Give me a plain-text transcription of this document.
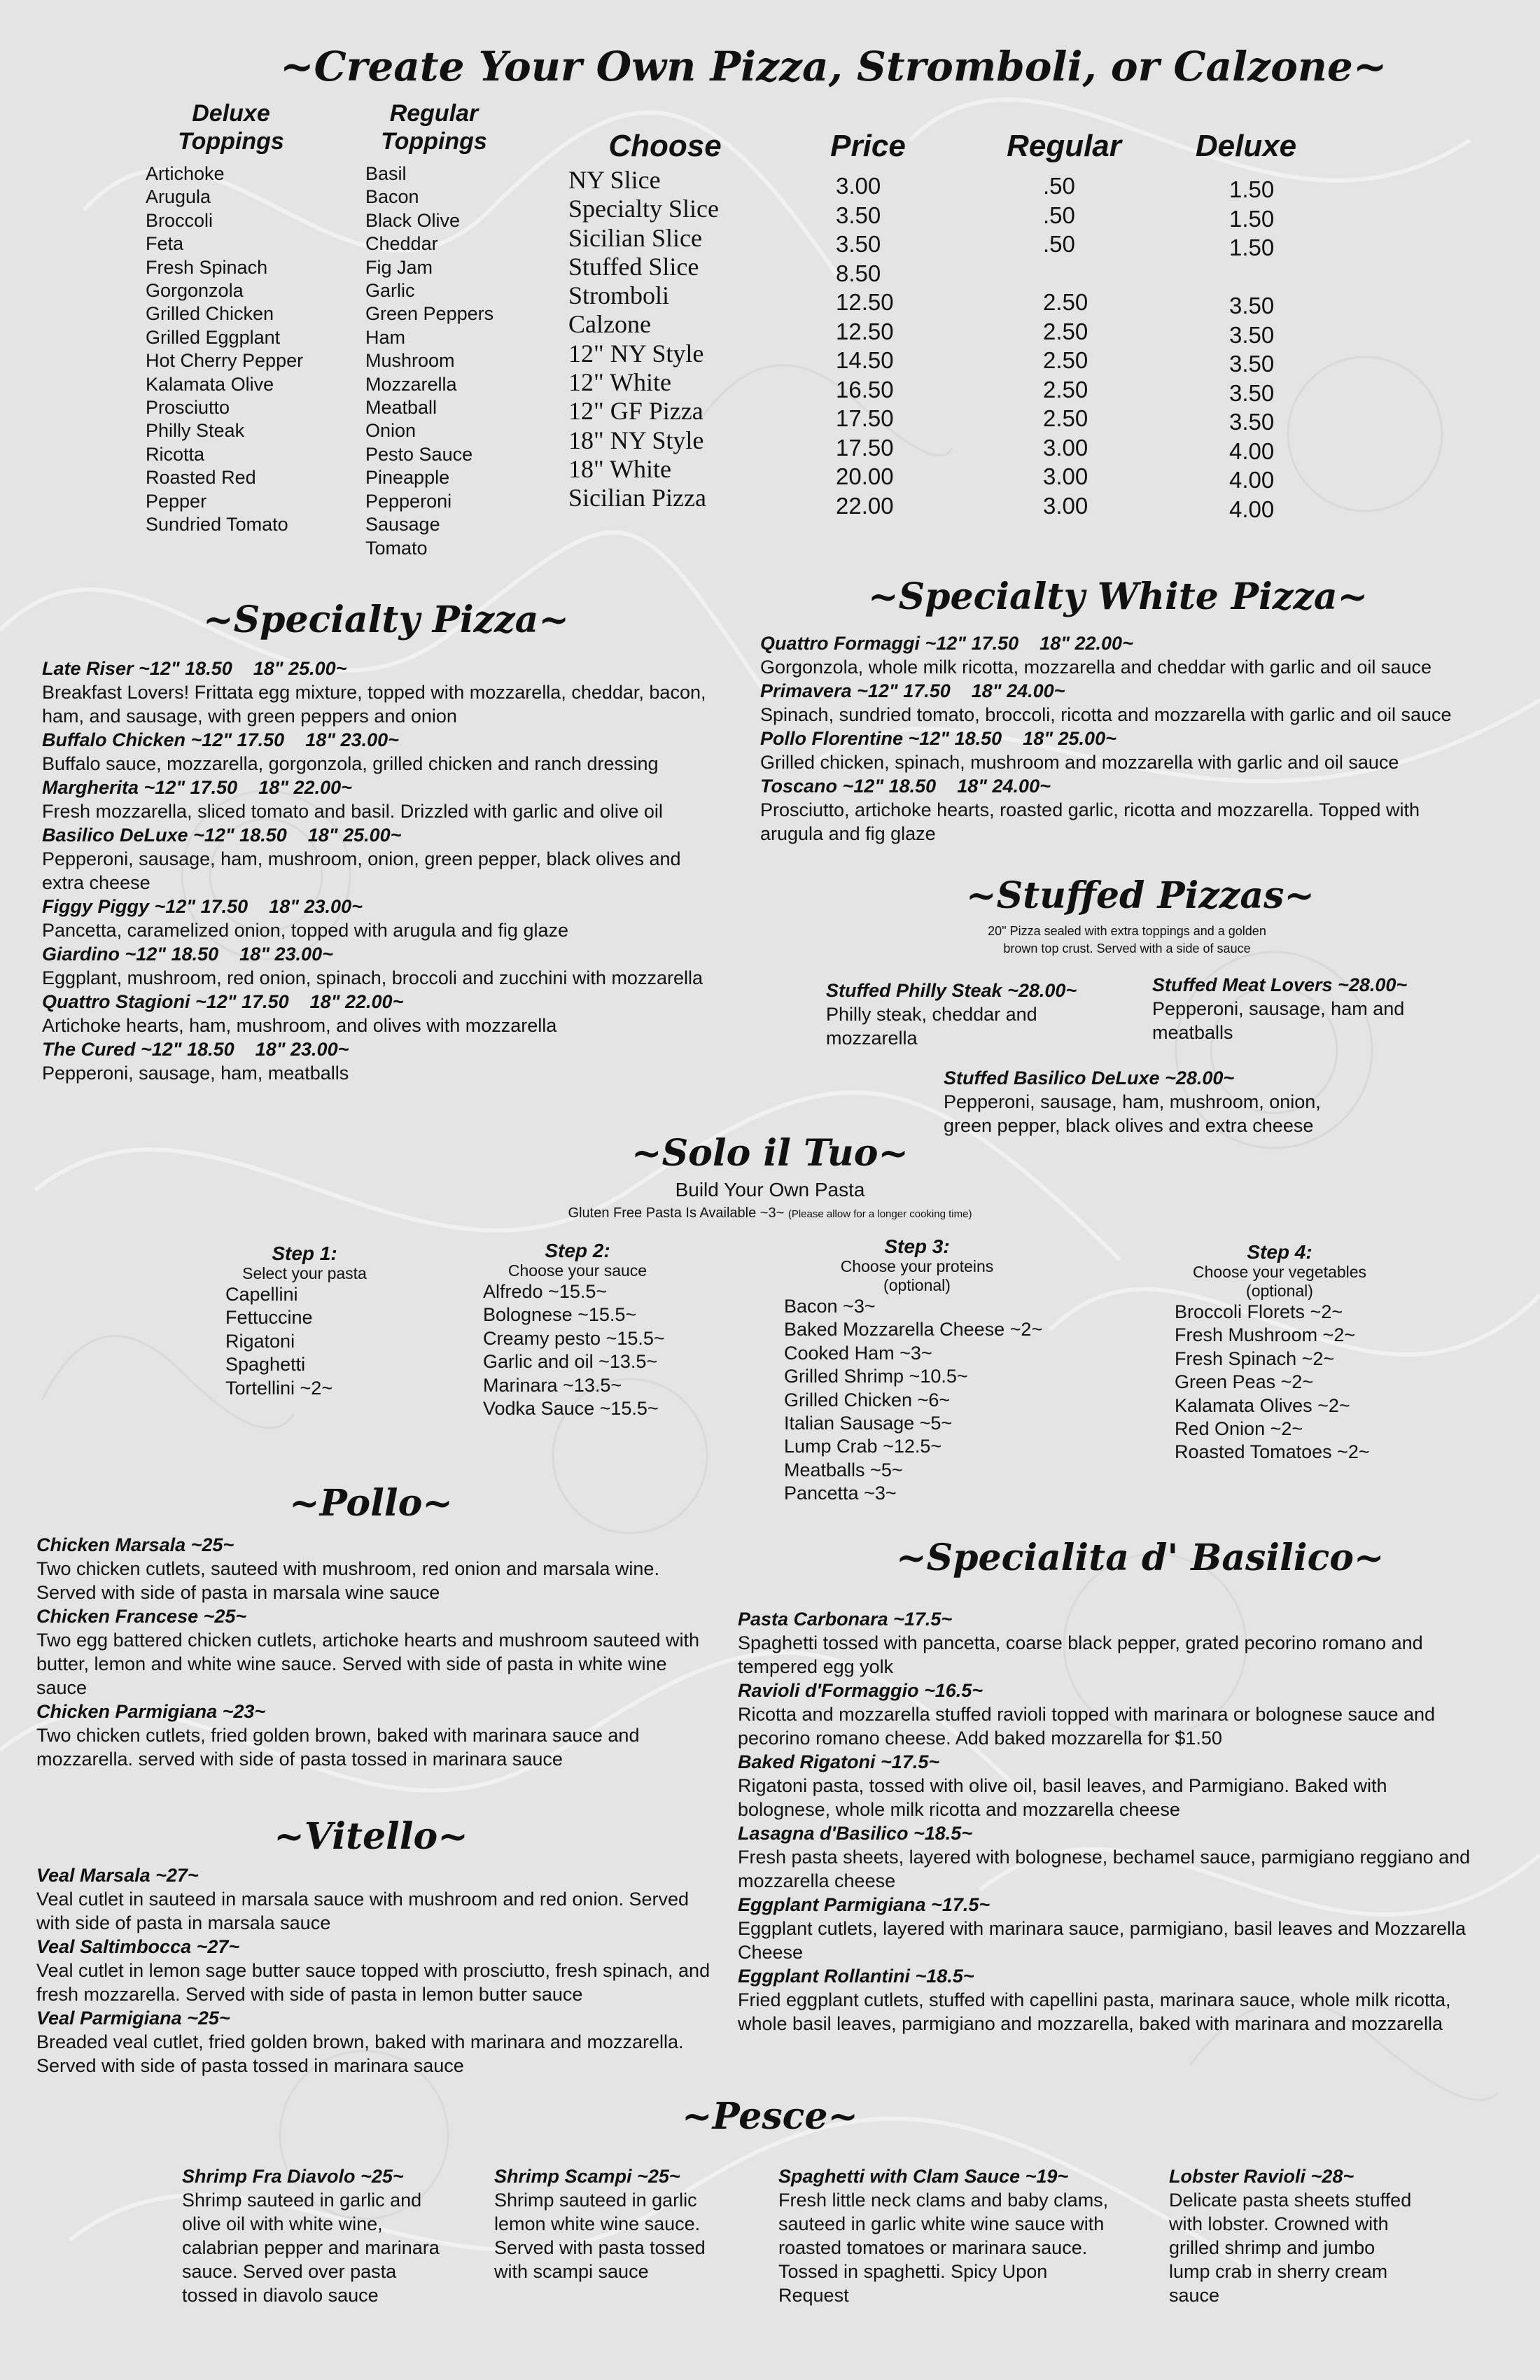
~Create Your Own Pizza, Stromboli, or Calzone~
Deluxe Toppings
Artichoke
Arugula
Broccoli
Feta
Fresh Spinach
Gorgonzola
Grilled Chicken
Grilled Eggplant
Hot Cherry Pepper
Kalamata Olive
Prosciutto
Philly Steak
Ricotta
Roasted Red
Pepper
Sundried Tomato
Regular Toppings
Basil
Bacon
Black Olive
Cheddar
Fig Jam
Garlic
Green Peppers
Ham
Mushroom
Mozzarella
Meatball
Onion
Pesto Sauce
Pineapple
Pepperoni
Sausage
Tomato
Choose
NY Slice
Specialty Slice
Sicilian Slice
Stuffed Slice
Stromboli
Calzone
12" NY Style
12" White
12" GF Pizza
18" NY Style
18" White
Sicilian Pizza
Price
3.00
3.50
3.50
8.50
12.50
12.50
14.50
16.50
17.50
17.50
20.00
22.00
Regular
.50
.50
.50

2.50
2.50
2.50
2.50
2.50
3.00
3.00
3.00
Deluxe
1.50
1.50
1.50

3.50
3.50
3.50
3.50
3.50
4.00
4.00
4.00
~Specialty Pizza~
Late Riser ~12" 18.50    18" 25.00~
Breakfast Lovers! Frittata egg mixture, topped with mozzarella, cheddar, bacon, ham, and sausage, with green peppers and onion
Buffalo Chicken ~12" 17.50    18" 23.00~
Buffalo sauce, mozzarella, gorgonzola, grilled chicken and ranch dressing
Margherita ~12" 17.50    18" 22.00~
Fresh mozzarella, sliced tomato and basil. Drizzled with garlic and olive oil
Basilico DeLuxe ~12" 18.50    18" 25.00~
Pepperoni, sausage, ham, mushroom, onion, green pepper, black olives and extra cheese
Figgy Piggy ~12" 17.50    18" 23.00~
Pancetta, caramelized onion, topped with arugula and fig glaze
Giardino ~12" 18.50    18" 23.00~
Eggplant, mushroom, red onion, spinach, broccoli and zucchini with mozzarella
Quattro Stagioni ~12" 17.50    18" 22.00~
Artichoke hearts, ham, mushroom, and olives with mozzarella
The Cured ~12" 18.50    18" 23.00~
Pepperoni, sausage, ham, meatballs
~Specialty White Pizza~
Quattro Formaggi ~12" 17.50    18" 22.00~
Gorgonzola, whole milk ricotta, mozzarella and cheddar with garlic and oil sauce
Primavera ~12" 17.50    18" 24.00~
Spinach, sundried tomato, broccoli, ricotta and mozzarella with garlic and oil sauce
Pollo Florentine ~12" 18.50    18" 25.00~
Grilled chicken, spinach, mushroom and mozzarella with garlic and oil sauce
Toscano ~12" 18.50    18" 24.00~
Prosciutto, artichoke hearts, roasted garlic, ricotta and mozzarella. Topped with arugula and fig glaze
~Stuffed Pizzas~
20" Pizza sealed with extra toppings and a golden brown top crust. Served with a side of sauce
Stuffed Philly Steak ~28.00~
Philly steak, cheddar and mozzarella
Stuffed Meat Lovers ~28.00~
Pepperoni, sausage, ham and meatballs
Stuffed Basilico DeLuxe ~28.00~
Pepperoni, sausage, ham, mushroom, onion, green pepper, black olives and extra cheese
~Solo il Tuo~
Build Your Own Pasta
Gluten Free Pasta Is Available ~3~ (Please allow for a longer cooking time)
Step 1:
Select your pasta
Capellini
Fettuccine
Rigatoni
Spaghetti
Tortellini ~2~
Step 2:
Choose your sauce
Alfredo ~15.5~
Bolognese ~15.5~
Creamy pesto ~15.5~
Garlic and oil ~13.5~
Marinara ~13.5~
Vodka Sauce ~15.5~
Step 3:
Choose your proteins
(optional)
Bacon ~3~
Baked Mozzarella Cheese ~2~
Cooked Ham ~3~
Grilled Shrimp ~10.5~
Grilled Chicken ~6~
Italian Sausage ~5~
Lump Crab ~12.5~
Meatballs ~5~
Pancetta ~3~
Step 4:
Choose your vegetables
(optional)
Broccoli Florets ~2~
Fresh Mushroom ~2~
Fresh Spinach ~2~
Green Peas ~2~
Kalamata Olives ~2~
Red Onion ~2~
Roasted Tomatoes ~2~
~Pollo~
Chicken Marsala ~25~
Two chicken cutlets, sauteed with mushroom, red onion and marsala wine. Served with side of pasta in marsala wine sauce
Chicken Francese ~25~
Two egg battered chicken cutlets, artichoke hearts and mushroom sauteed with butter, lemon and white wine sauce. Served with side of pasta in white wine sauce
Chicken Parmigiana ~23~
Two chicken cutlets, fried golden brown, baked with marinara sauce and mozzarella. served with side of pasta tossed in marinara sauce
~Vitello~
Veal Marsala ~27~
Veal cutlet in sauteed in marsala sauce with mushroom and red onion. Served with side of pasta in marsala sauce
Veal Saltimbocca ~27~
Veal cutlet in lemon sage butter sauce topped with prosciutto, fresh spinach, and fresh mozzarella. Served with side of pasta in lemon butter sauce
Veal Parmigiana ~25~
Breaded veal cutlet, fried golden brown, baked with marinara and mozzarella. Served with side of pasta tossed in marinara sauce
~Specialita d' Basilico~
Pasta Carbonara ~17.5~
Spaghetti tossed with pancetta, coarse black pepper, grated pecorino romano and tempered egg yolk
Ravioli d'Formaggio ~16.5~
Ricotta and mozzarella stuffed ravioli topped with marinara or bolognese sauce and pecorino romano cheese. Add baked mozzarella for $1.50
Baked Rigatoni ~17.5~
Rigatoni pasta, tossed with olive oil, basil leaves, and Parmigiano. Baked with bolognese, whole milk ricotta and mozzarella cheese
Lasagna d'Basilico ~18.5~
Fresh pasta sheets, layered with bolognese, bechamel sauce, parmigiano reggiano and mozzarella cheese
Eggplant Parmigiana ~17.5~
Eggplant cutlets, layered with marinara sauce, parmigiano, basil leaves and Mozzarella Cheese
Eggplant Rollantini ~18.5~
Fried eggplant cutlets, stuffed with capellini pasta, marinara sauce, whole milk ricotta, whole basil leaves, parmigiano and mozzarella, baked with marinara and mozzarella
~Pesce~
Shrimp Fra Diavolo ~25~
Shrimp sauteed in garlic and olive oil with white wine, calabrian pepper and marinara sauce. Served over pasta tossed in diavolo sauce
Shrimp Scampi ~25~
Shrimp sauteed in garlic lemon white wine sauce. Served with pasta tossed with scampi sauce
Spaghetti with Clam Sauce ~19~
Fresh little neck clams and baby clams, sauteed in garlic white wine sauce with roasted tomatoes or marinara sauce. Tossed in spaghetti. Spicy Upon Request
Lobster Ravioli ~28~
Delicate pasta sheets stuffed with lobster. Crowned with grilled shrimp and jumbo lump crab in sherry cream sauce
